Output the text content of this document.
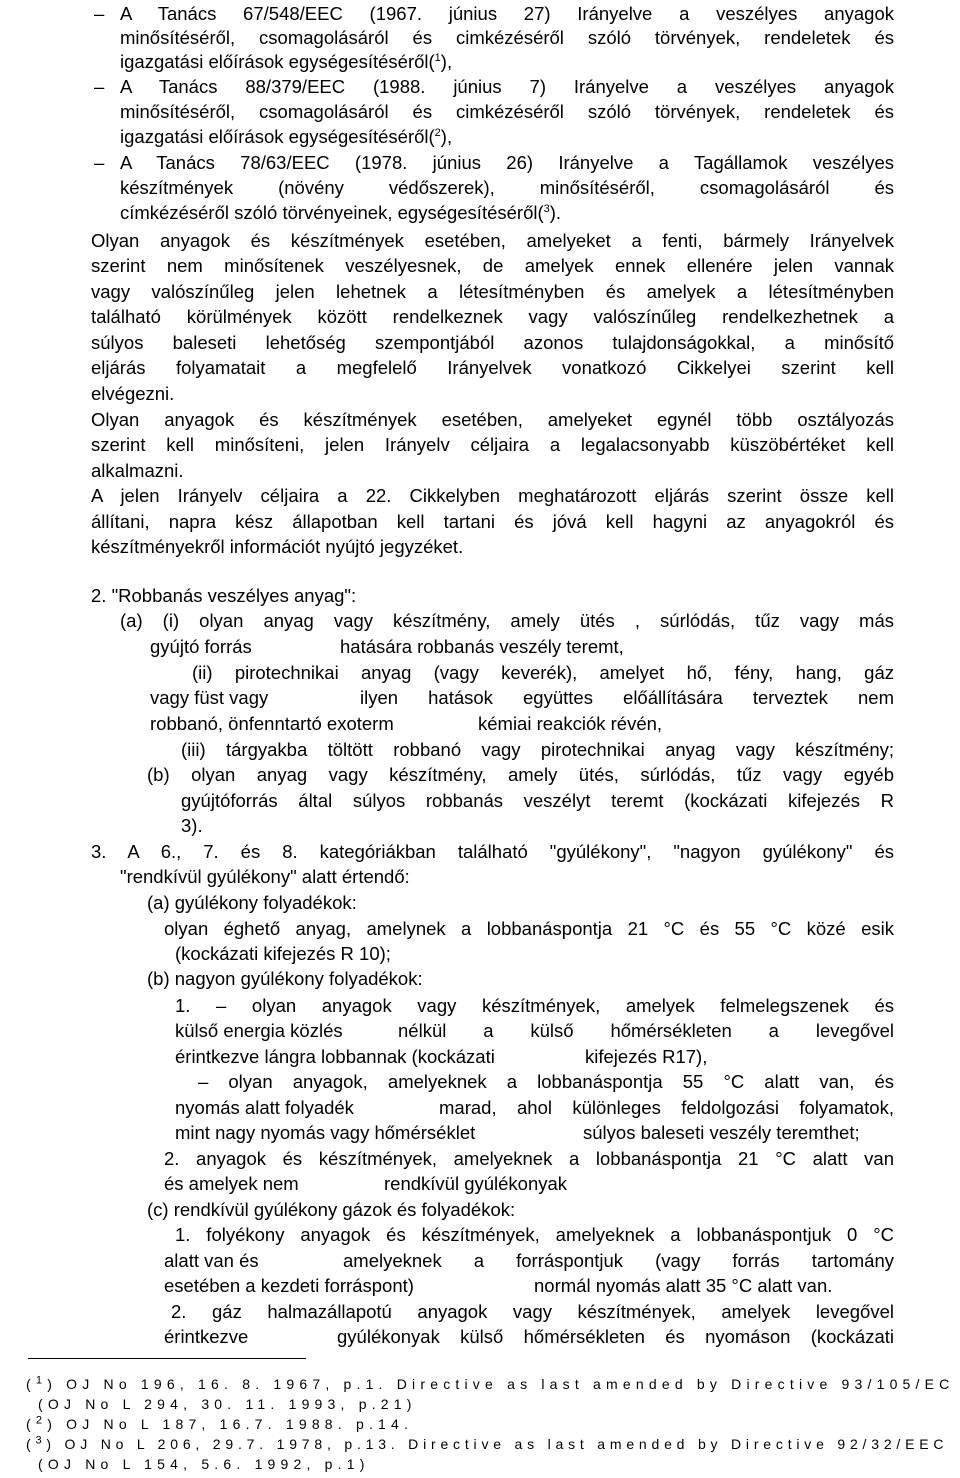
– A Tanács 67/548/EEC (1967. június 27) Irányelve a veszélyes anyagok
minősítéséről, csomagolásáról és cimkézéséről szóló törvények, rendeletek és
igazgatási előírások egységesítéséről($^1$),
– A Tanács 88/379/EEC (1988. június 7) Irányelve a veszélyes anyagok
minősítéséről, csomagolásáról és cimkézéséről szóló törvények, rendeletek és
igazgatási előírások egységesítéséről($^2$),
– A Tanács 78/63/EEC (1978. június 26) Irányelve a Tagállamok veszélyes
készítmények (növény védőszerek), minősítéséről, csomagolásáról és
címkézéséről szóló törvényeinek, egységesítéséről($^3$).
Olyan anyagok és készítmények esetében, amelyeket a fenti, bármely Irányelvek
szerint nem minősítenek veszélyesnek, de amelyek ennek ellenére jelen vannak
vagy valószínűleg jelen lehetnek a létesítményben és amelyek a létesítményben
található körülmények között rendelkeznek vagy valószínűleg rendelkezhetnek a
súlyos baleseti lehetőség szempontjából azonos tulajdonságokkal, a minősítő
eljárás folyamatait a megfelelő Irányelvek vonatkozó Cikkelyei szerint kell
elvégezni.
Olyan anyagok és készítmények esetében, amelyeket egynél több osztályozás
szerint kell minősíteni, jelen Irányelv céljaira a legalacsonyabb küszöbértéket kell
alkalmazni.
A jelen Irányelv céljaira a 22. Cikkelyben meghatározott eljárás szerint össze kell
állítani, napra kész állapotban kell tartani és jóvá kell hagyni az anyagokról és
készítményekről információt nyújtó jegyzéket.
2. "Robbanás veszélyes anyag":
(a) (i) olyan anyag vagy készítmény, amely ütés , súrlódás, tűz vagy más
gyújtó forrás	hatására robbanás veszély teremt,
(ii) pirotechnikai anyag (vagy keverék), amelyet hő, fény, hang, gáz
vagy füst vagy	ilyen hatások együttes előállítására terveztek nem
robbanó, önfenntartó exoterm	kémiai reakciók révén,
(iii) tárgyakba töltött robbanó vagy pirotechnikai anyag vagy készítmény;
(b) olyan anyag vagy készítmény, amely ütés, súrlódás, tűz vagy egyéb
gyújtóforrás által súlyos robbanás veszélyt teremt (kockázati kifejezés R
3).
3. A 6., 7. és 8. kategóriákban található "gyúlékony", "nagyon gyúlékony" és
"rendkívül gyúlékony" alatt értendő:
(a) gyúlékony folyadékok:
olyan éghető anyag, amelynek a lobbanáspontja 21 °C és 55 °C közé esik
(kockázati kifejezés R 10);
(b) nagyon gyúlékony folyadékok:
1. – olyan anyagok vagy készítmények, amelyek felmelegszenek és
külső energia közlés	nélkül a külső hőmérsékleten a levegővel
érintkezve lángra lobbannak (kockázati	kifejezés R17),
– olyan anyagok, amelyeknek a lobbanáspontja 55 °C alatt van, és
nyomás alatt folyadék	marad, ahol különleges feldolgozási folyamatok,
mint nagy nyomás vagy hőmérséklet	súlyos baleseti veszély teremthet;
2. anyagok és készítmények, amelyeknek a lobbanáspontja 21 °C alatt van
és amelyek nem	rendkívül gyúlékonyak
(c) rendkívül gyúlékony gázok és folyadékok:
1. folyékony anyagok és készítmények, amelyeknek a lobbanáspontjuk 0 °C
alatt van és	amelyeknek a forráspontjuk (vagy forrás tartomány
esetében a kezdeti forráspont)	normál nyomás alatt 35 °C alatt van.
2. gáz halmazállapotú anyagok vagy készítmények, amelyek levegővel
érintkezve	gyúlékonyak külső hőmérsékleten és nyomáson (kockázati
($^1$) OJ No 196, 16. 8. 1967, p.1. Directive as last amended by Directive 93/105/EC
(OJ No L 294, 30. 11. 1993, p.21)
($^2$) OJ No L 187, 16.7. 1988. p.14.
($^3$) OJ No L 206, 29.7. 1978, p.13. Directive as last amended by Directive 92/32/EEC
(OJ No L 154, 5.6. 1992, p.1)
